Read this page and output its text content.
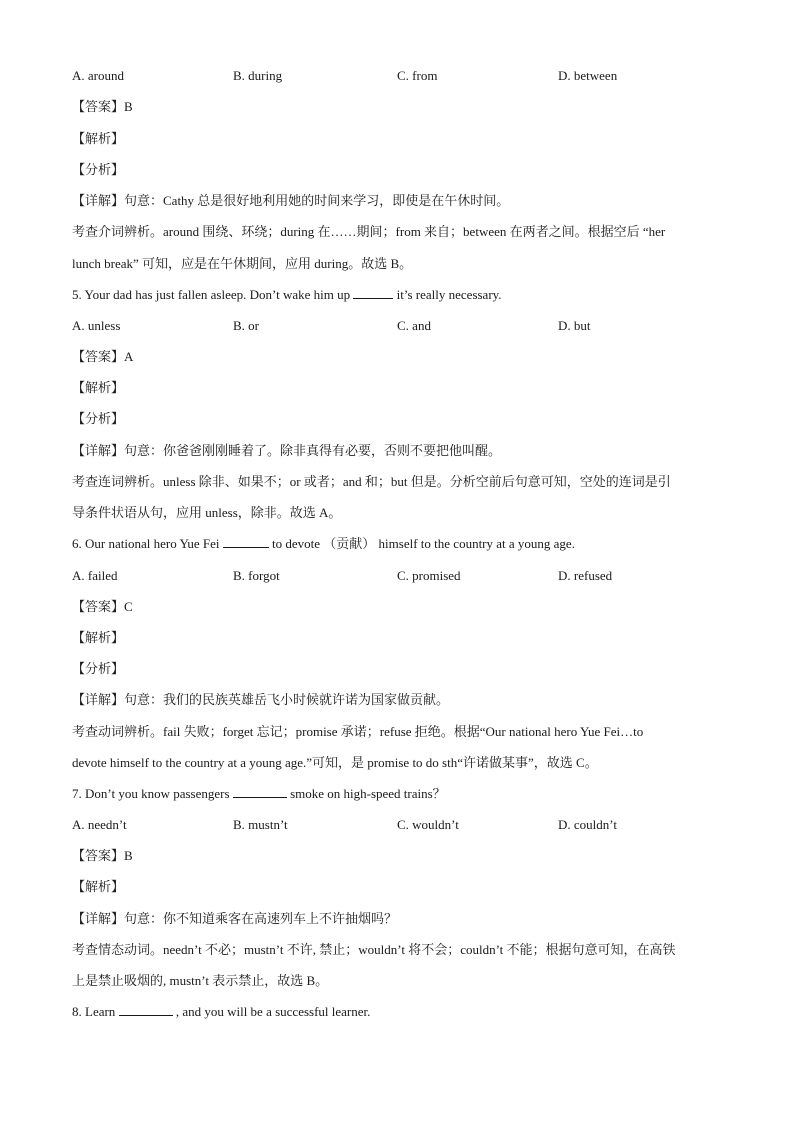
A. around	B. during	C. from	D. between
【答案】B
【解析】
【分析】
【详解】句意：Cathy 总是很好地利用她的时间来学习，即使是在午休时间。
考查介词辨析。around 围绕、环绕；during 在……期间；from 来自；between 在两者之间。根据空后 “her
lunch break” 可知，应是在午休期间，应用 during。故选 B。
5. Your dad has just fallen asleep. Don’t wake him up	it’s really necessary.
A. unless	B. or	C. and	D. but
【答案】A
【解析】
【分析】
【详解】句意：你爸爸刚刚睡着了。除非真得有必要，否则不要把他叫醒。
考查连词辨析。unless 除非、如果不；or 或者；and 和；but 但是。分析空前后句意可知，空处的连词是引
导条件状语从句，应用 unless，除非。故选 A。
6. Our national hero Yue Fei	to devote （贡献） himself to the country at a young age.
A. failed	B. forgot	C. promised	D. refused
【答案】C
【解析】
【分析】
【详解】句意：我们的民族英雄岳飞小时候就许诺为国家做贡献。
考查动词辨析。fail 失败；forget 忘记；promise 承诺；refuse 拒绝。根据“Our national hero Yue Fei…to
devote himself to the country at a young age.”可知，是 promise to do sth“许诺做某事”，故选 C。
7. Don’t you know passengers	smoke on high-speed trains？
A. needn’t	B. mustn’t	C. wouldn’t	D. couldn’t
【答案】B
【解析】
【详解】句意：你不知道乘客在高速列车上不许抽烟吗？
考查情态动词。needn’t 不必；mustn’t 不许, 禁止；wouldn’t 将不会；couldn’t 不能；根据句意可知，在高铁
上是禁止吸烟的, mustn’t 表示禁止，故选 B。
8. Learn	, and you will be a successful learner.
